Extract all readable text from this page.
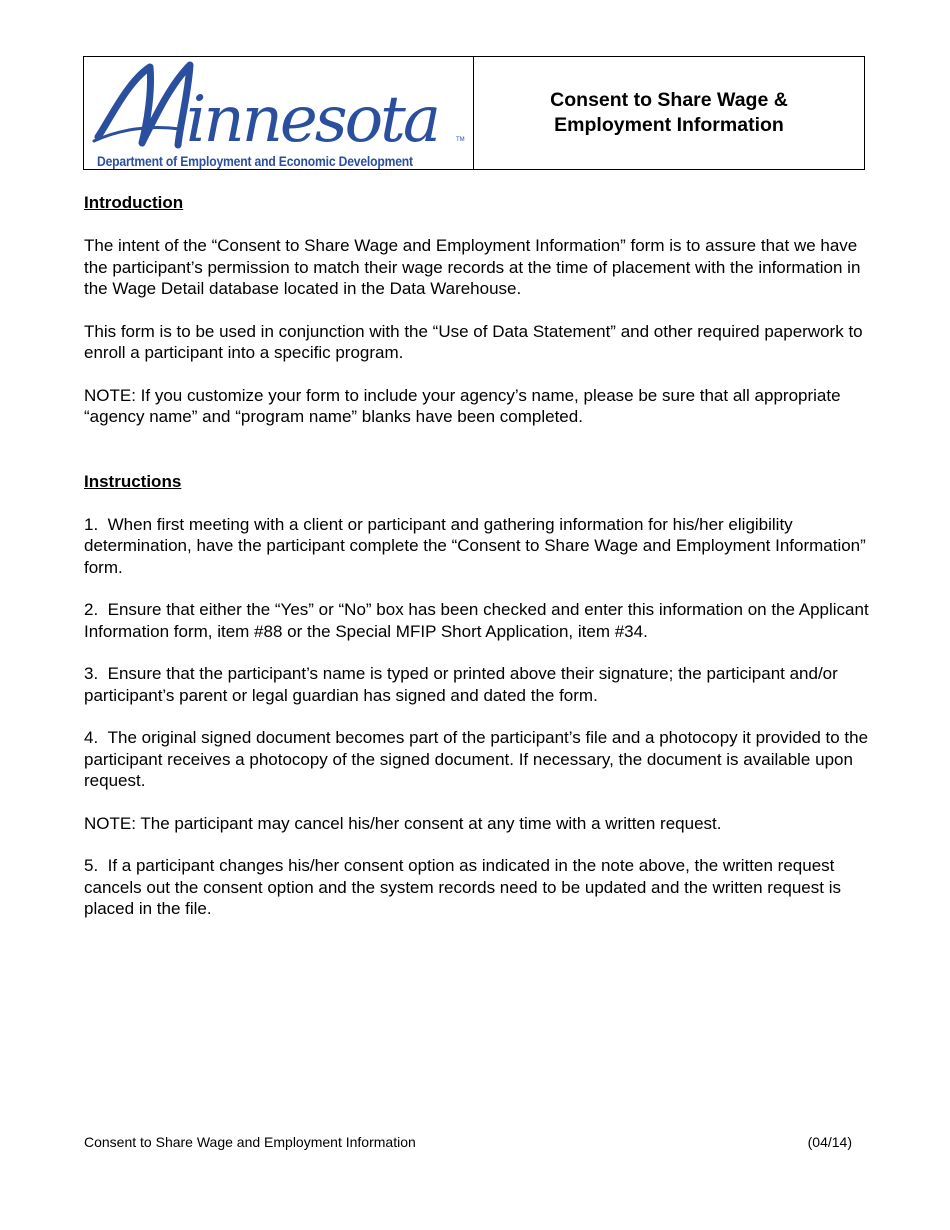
innesota	TM
Department of Employment and Economic Development
Consent to Share Wage &
Employment Information
Introduction

The intent of the “Consent to Share Wage and Employment Information” form is to assure that we have the participant’s permission to match their wage records at the time of placement with the information in the Wage Detail database located in the Data Warehouse.

This form is to be used in conjunction with the “Use of Data Statement” and other required paperwork to enroll a participant into a specific program.

NOTE: If you customize your form to include your agency’s name, please be sure that all appropriate “agency name” and “program name” blanks have been completed.

Instructions

1.  When first meeting with a client or participant and gathering information for his/her eligibility determination, have the participant complete the “Consent to Share Wage and Employment Information” form.

2.  Ensure that either the “Yes” or “No” box has been checked and enter this information on the Applicant Information form, item #88 or the Special MFIP Short Application, item #34.

3.  Ensure that the participant’s name is typed or printed above their signature; the participant and/or participant’s parent or legal guardian has signed and dated the form.

4.  The original signed document becomes part of the participant’s file and a photocopy it provided to the participant receives a photocopy of the signed document. If necessary, the document is available upon request.

NOTE: The participant may cancel his/her consent at any time with a written request.

5.  If a participant changes his/her consent option as indicated in the note above, the written request cancels out the consent option and the system records need to be updated and the written request is placed in the file.

Consent to Share Wage and Employment Information	(04/14)
